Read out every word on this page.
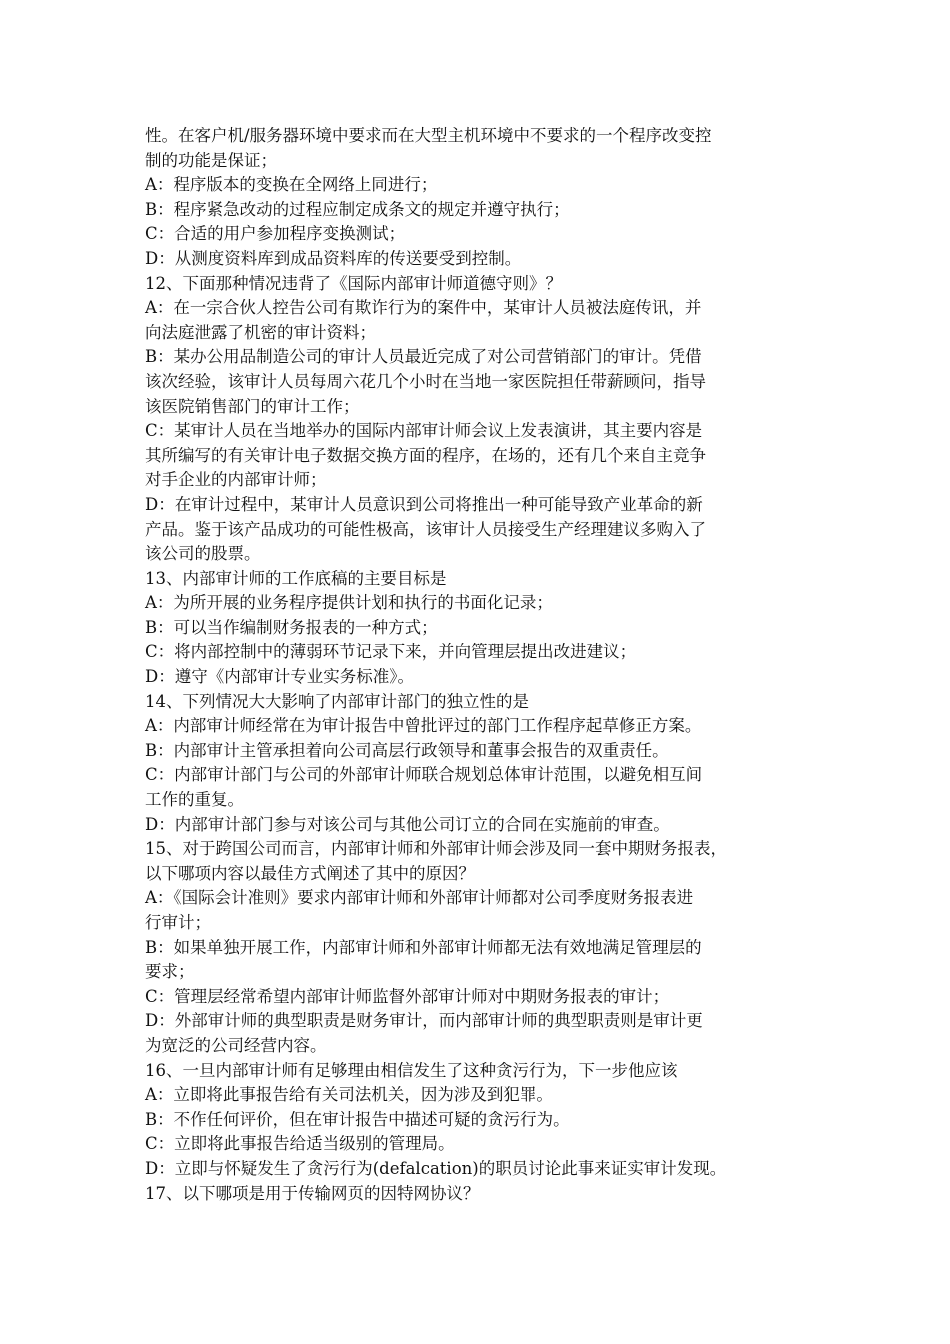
性。在客户机/服务器环境中要求而在大型主机环境中不要求的一个程序改变控

制的功能是保证；

A：程序版本的变换在全网络上同进行；

B：程序紧急改动的过程应制定成条文的规定并遵守执行；

C：合适的用户参加程序变换测试；

D：从测度资料库到成品资料库的传送要受到控制。

12、下面那种情况违背了《国际内部审计师道德守则》？

A：在一宗合伙人控告公司有欺诈行为的案件中，某审计人员被法庭传讯，并

向法庭泄露了机密的审计资料；

B：某办公用品制造公司的审计人员最近完成了对公司营销部门的审计。凭借

该次经验，该审计人员每周六花几个小时在当地一家医院担任带薪顾问，指导

该医院销售部门的审计工作；

C：某审计人员在当地举办的国际内部审计师会议上发表演讲，其主要内容是

其所编写的有关审计电子数据交换方面的程序，在场的，还有几个来自主竞争

对手企业的内部审计师；

D：在审计过程中，某审计人员意识到公司将推出一种可能导致产业革命的新

产品。鉴于该产品成功的可能性极高，该审计人员接受生产经理建议多购入了

该公司的股票。

13、内部审计师的工作底稿的主要目标是

A：为所开展的业务程序提供计划和执行的书面化记录；

B：可以当作编制财务报表的一种方式；

C：将内部控制中的薄弱环节记录下来，并向管理层提出改进建议；

D：遵守《内部审计专业实务标准》。

14、下列情况大大影响了内部审计部门的独立性的是

A：内部审计师经常在为审计报告中曾批评过的部门工作程序起草修正方案。

B：内部审计主管承担着向公司高层行政领导和董事会报告的双重责任。

C：内部审计部门与公司的外部审计师联合规划总体审计范围，以避免相互间

工作的重复。

D：内部审计部门参与对该公司与其他公司订立的合同在实施前的审查。

15、对于跨国公司而言，内部审计师和外部审计师会涉及同一套中期财务报表，

以下哪项内容以最佳方式阐述了其中的原因？

A：《国际会计准则》要求内部审计师和外部审计师都对公司季度财务报表进

行审计；

B：如果单独开展工作，内部审计师和外部审计师都无法有效地满足管理层的

要求；

C：管理层经常希望内部审计师监督外部审计师对中期财务报表的审计；

D：外部审计师的典型职责是财务审计，而内部审计师的典型职责则是审计更

为宽泛的公司经营内容。

16、一旦内部审计师有足够理由相信发生了这种贪污行为，下一步他应该

A：立即将此事报告给有关司法机关，因为涉及到犯罪。

B：不作任何评价，但在审计报告中描述可疑的贪污行为。

C：立即将此事报告给适当级别的管理局。

D：立即与怀疑发生了贪污行为(defalcation)的职员讨论此事来证实审计发现。

17、以下哪项是用于传输网页的因特网协议？
